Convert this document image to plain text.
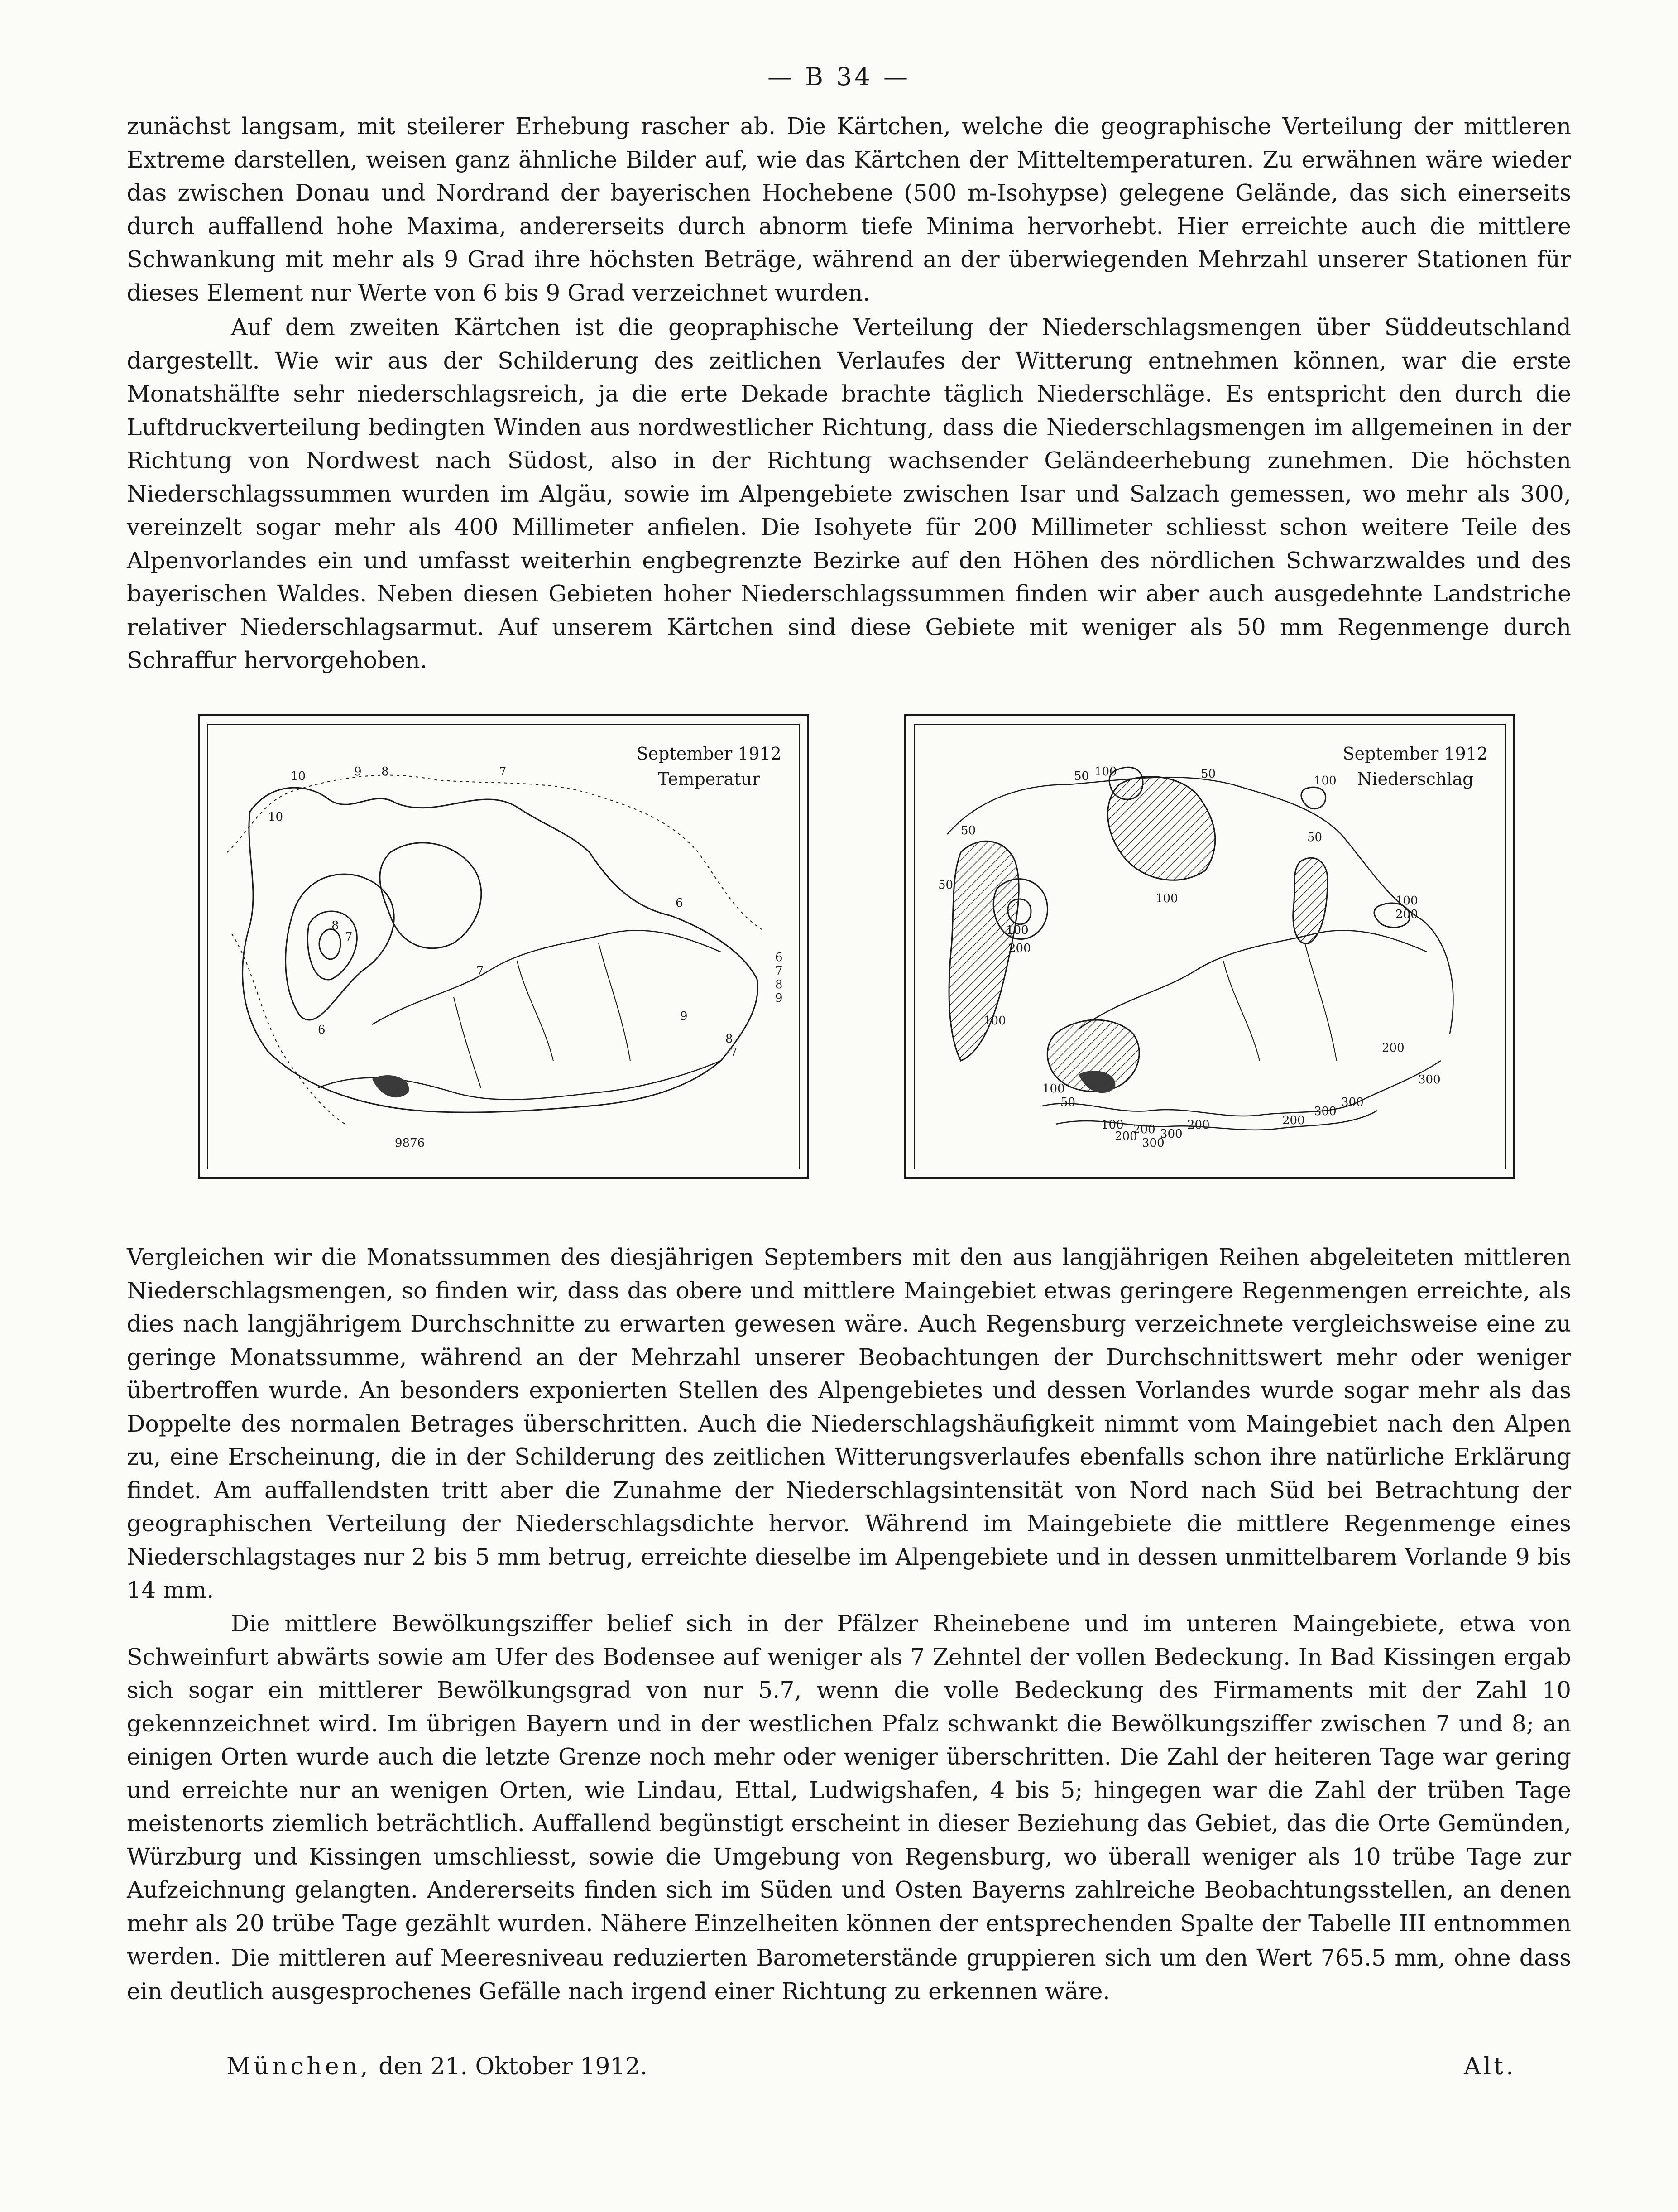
— B 34 —

zunächst langsam, mit steilerer Erhebung rascher ab. Die Kärtchen, welche die geographische Verteilung der mittleren Extreme darstellen, weisen ganz ähnliche Bilder auf, wie das Kärtchen der Mitteltemperaturen. Zu erwähnen wäre wieder das zwischen Donau und Nordrand der bayerischen Hochebene (500 m-Isohypse) gelegene Gelände, das sich einerseits durch auffallend hohe Maxima, andererseits durch abnorm tiefe Minima hervorhebt. Hier erreichte auch die mittlere Schwankung mit mehr als 9 Grad ihre höchsten Beträge, während an der überwiegenden Mehrzahl unserer Stationen für dieses Element nur Werte von 6 bis 9 Grad verzeichnet wurden.

Auf dem zweiten Kärtchen ist die geopraphische Verteilung der Niederschlagsmengen über Süddeutschland dargestellt. Wie wir aus der Schilderung des zeitlichen Verlaufes der Witterung entnehmen können, war die erste Monatshälfte sehr niederschlagsreich, ja die erte Dekade brachte täglich Niederschläge. Es entspricht den durch die Luftdruckverteilung bedingten Winden aus nordwestlicher Richtung, dass die Niederschlagsmengen im allgemeinen in der Richtung von Nordwest nach Südost, also in der Richtung wachsender Geländeerhebung zunehmen. Die höchsten Niederschlagssummen wurden im Algäu, sowie im Alpengebiete zwischen Isar und Salzach gemessen, wo mehr als 300, vereinzelt sogar mehr als 400 Millimeter anfielen. Die Isohyete für 200 Millimeter schliesst schon weitere Teile des Alpenvorlandes ein und umfasst weiterhin engbegrenzte Bezirke auf den Höhen des nördlichen Schwarzwaldes und des bayerischen Waldes. Neben diesen Gebieten hoher Niederschlagssummen finden wir aber auch ausgedehnte Landstriche relativer Niederschlagsarmut. Auf unserem Kärtchen sind diese Gebiete mit weniger als 50 mm Regenmenge durch Schraffur hervorgehoben.

10	9 8	7
10
6
7
8
7
6
6
7
8
9
9
8
7
9876
September 1912
Temperatur	50 100	50	100
50
50
50
100
100
200
100
200
100
200
300
300
300
200
200
300
200
100
200 300
100
50
September 1912
Niederschlag

Vergleichen wir die Monatssummen des diesjährigen Septembers mit den aus langjährigen Reihen abgeleiteten mittleren Niederschlagsmengen, so finden wir, dass das obere und mittlere Maingebiet etwas geringere Regenmengen erreichte, als dies nach langjährigem Durchschnitte zu erwarten gewesen wäre. Auch Regensburg verzeichnete vergleichsweise eine zu geringe Monatssumme, während an der Mehrzahl unserer Beobachtungen der Durchschnittswert mehr oder weniger übertroffen wurde. An besonders exponierten Stellen des Alpengebietes und dessen Vorlandes wurde sogar mehr als das Doppelte des normalen Betrages überschritten. Auch die Niederschlagshäufigkeit nimmt vom Maingebiet nach den Alpen zu, eine Erscheinung, die in der Schilderung des zeitlichen Witterungsverlaufes ebenfalls schon ihre natürliche Erklärung findet. Am auffallendsten tritt aber die Zunahme der Niederschlagsintensität von Nord nach Süd bei Betrachtung der geographischen Verteilung der Niederschlagsdichte hervor. Während im Maingebiete die mittlere Regenmenge eines Niederschlagstages nur 2 bis 5 mm betrug, erreichte dieselbe im Alpengebiete und in dessen unmittelbarem Vorlande 9 bis 14 mm.

Die mittlere Bewölkungsziffer belief sich in der Pfälzer Rheinebene und im unteren Maingebiete, etwa von Schweinfurt abwärts sowie am Ufer des Bodensee auf weniger als 7 Zehntel der vollen Bedeckung. In Bad Kissingen ergab sich sogar ein mittlerer Bewölkungsgrad von nur 5.7, wenn die volle Bedeckung des Firmaments mit der Zahl 10 gekennzeichnet wird. Im übrigen Bayern und in der westlichen Pfalz schwankt die Bewölkungsziffer zwischen 7 und 8; an einigen Orten wurde auch die letzte Grenze noch mehr oder weniger überschritten. Die Zahl der heiteren Tage war gering und erreichte nur an wenigen Orten, wie Lindau, Ettal, Ludwigshafen, 4 bis 5; hingegen war die Zahl der trüben Tage meistenorts ziemlich beträchtlich. Auffallend begünstigt erscheint in dieser Beziehung das Gebiet, das die Orte Gemünden, Würzburg und Kissingen umschliesst, sowie die Umgebung von Regensburg, wo überall weniger als 10 trübe Tage zur Aufzeichnung gelangten. Andererseits finden sich im Süden und Osten Bayerns zahlreiche Beobachtungsstellen, an denen mehr als 20 trübe Tage gezählt wurden. Nähere Einzelheiten können der entsprechenden Spalte der Tabelle III entnommen werden. Die mittleren auf Meeresniveau reduzierten Barometerstände gruppieren sich um den Wert 765.5 mm, ohne dass ein deutlich ausgesprochenes Gefälle nach irgend einer Richtung zu erkennen wäre.

München, den 21. Oktober 1912.	Alt.
